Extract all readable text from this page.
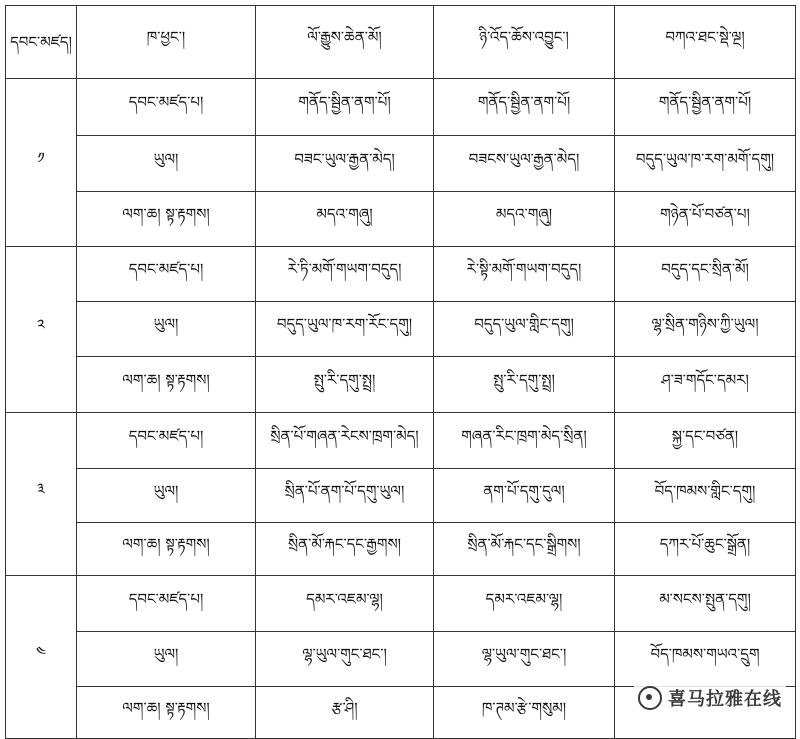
དབང་མཛད།	ཁ་ཕྱང་།	ལོ་རྒྱུས་ཆེན་མོ།	ཉི་འོད་ཆོས་འབྱུང་།	བཀའ་ཐང་སྡེ་ལྔ།
༡	དབང་མཛད་པ།	གནོད་སྦྱིན་ནག་པོ།	གནོད་སྦྱིན་ནག་པོ།	གནོད་སྦྱིན་ནག་པོ།
	ཡུལ།	བཟང་ཡུལ་རྒྱན་མེད།	བཟངས་ཡུལ་རྒྱན་མེད།	བདུད་ཡུལ་ཁ་རག་མགོ་དགུ།
	ལག་ཆ། སྟ་རྟགས།	མདའ་གཞུ།	མདའ་གཞུ།	གཉེན་པོ་བཙན་པ།
༢	དབང་མཛད་པ།	རེ་ཏི་མགོ་གཡག་བདུད།	རེ་སྟི་མགོ་གཡག་བདུད།	བདུད་དང་སྲིན་མོ།
	ཡུལ།	བདུད་ཡུལ་ཁ་རག་རོང་དགུ།	བདུད་ཡུལ་གླིང་དགུ།	ལྷ་སྲིན་གཉིས་ཀྱི་ཡུལ།
	ལག་ཆ། སྟ་རྟགས།	སྤུ་རི་དགུ་སྤྲ།	སྤུ་རི་དགུ་སྤྲ།	ཤ་ཟ་གདོང་དམར།
༣	དབང་མཛད་པ།	སྲིན་པོ་གཞན་རེངས་ཁྲག་མེད།	གཞན་རིང་ཁྲག་མེད་སྲིན།	སྐྱ་དང་བཙན།
	ཡུལ།	སྲིན་པོ་ནག་པོ་དགུ་ཡུལ།	ནག་པོ་དགུ་དུལ།	བོད་ཁམས་གླིང་དགུ།
	ལག་ཆ། སྟ་རྟགས།	སྲིན་མོ་རྐང་དང་རྒྱགས།	སྲིན་མོ་རྐང་དང་སྒྲིགས།	དཀར་པོ་ཆུང་སྒྲོན།
༤	དབང་མཛད་པ།	དམར་འཇམ་ལྷ།	དམར་འཇམ་ལྷ།	མ་སངས་སྤུན་དགུ།
	ཡུལ།	ལྷ་ཡུལ་གུང་ཐང་།	ལྷ་ཡུལ་གུང་ཐང་།	བོད་ཁམས་གཡའ་དྲུག
	ལག་ཆ། སྟ་རྟགས།	རྩ་ཤི།	ཁ་ཊམ་རྩེ་གསུམ།		喜马拉雅在线
